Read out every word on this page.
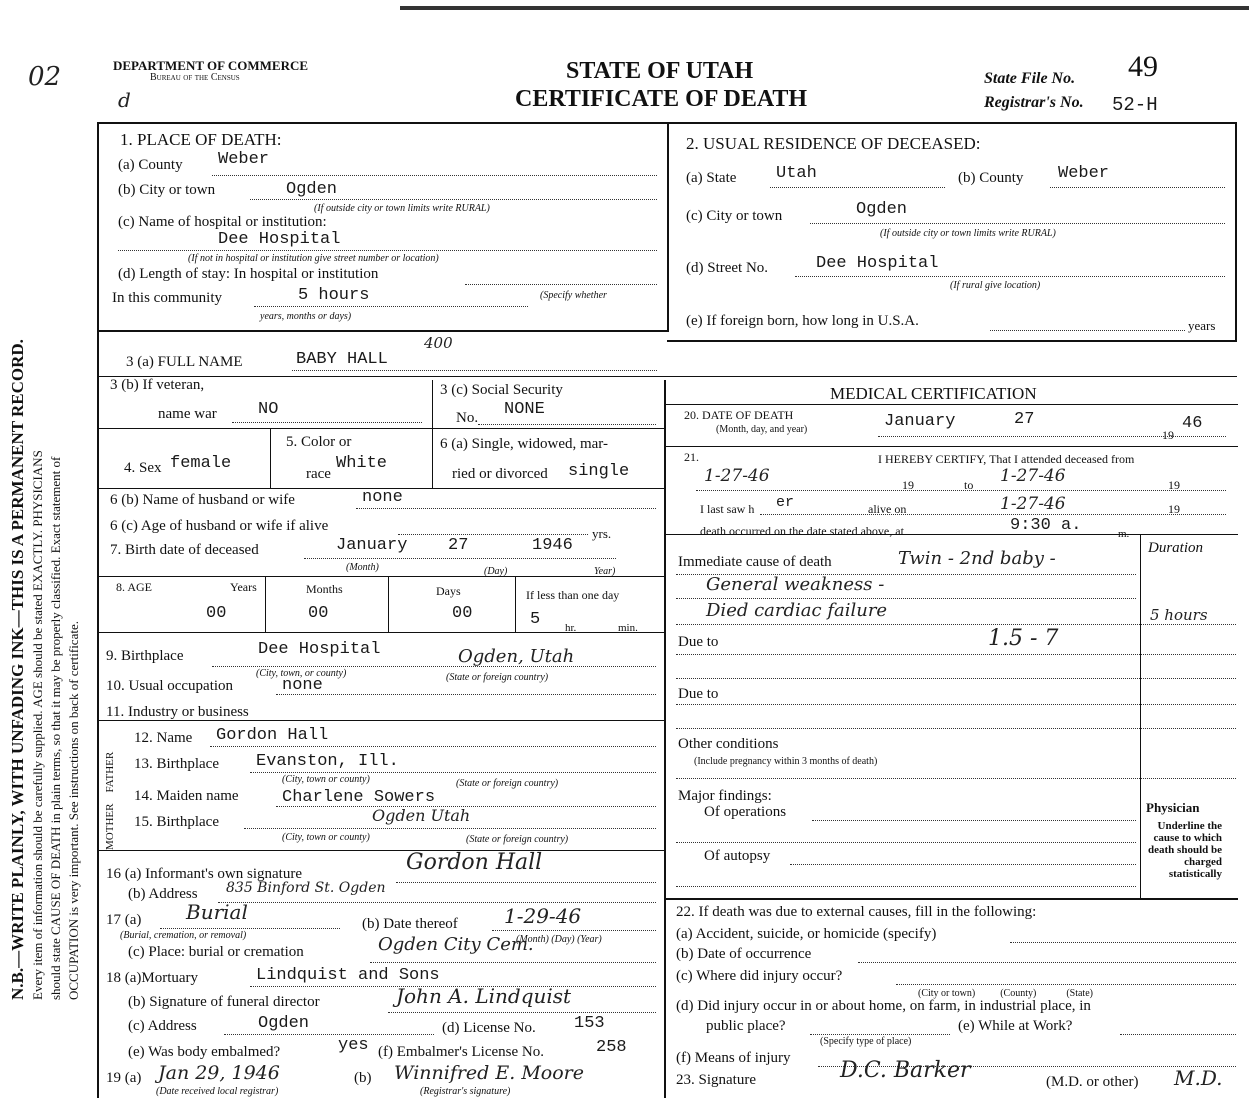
N.B.—WRITE PLAINLY, WITH UNFADING INK—THIS IS A PERMANENT RECORD. Every item of information should be carefully supplied. AGE should be stated EXACTLY. PHYSICIANS should state CAUSE OF DEATH in plain terms, so that it may be properly classified. Exact statement of OCCUPATION is very important. See instructions on back of certificate.
02
d
DEPARTMENT OF COMMERCE
Bureau of the Census	STATE OF UTAH
CERTIFICATE OF DEATH
State File No. 49
Registrar's No. 52-H
1. PLACE OF DEATH:
(a) County Weber
(b) City or town	Ogden
(If outside city or town limits write RURAL)
(c) Name of hospital or institution:
Dee Hospital
(If not in hospital or institution give street number or location)
(d) Length of stay: In hospital or institution
In this community	5 hours	(Specify whether
years, months or days)
2. USUAL RESIDENCE OF DECEASED:
(a) State Utah	(b) County Weber
(c) City or town	Ogden
(If outside city or town limits write RURAL)
(d) Street No.	Dee Hospital
(If rural give location)
(e) If foreign born, how long in U.S.A.	years
3 (a) FULL NAME	BABY HALL
400
3 (b) If veteran,
name war NO
3 (c) Social Security
No. NONE
4. Sex female
5. Color or
race
White
6 (a) Single, widowed, mar-
ried or divorced single
6 (b) Name of husband or wife	none
6 (c) Age of husband or wife if alive	yrs.
7. Birth date of deceased	January 27	1946
(Month)	(Day)	Year)
8. AGE	Years	Months	Days	If less than one day
00	00	00	5 hr.	min.
9. Birthplace	Dee Hospital	Ogden, Utah
(City, town, or county)	(State or foreign country)
10. Usual occupation	none
11. Industry or business
MOTHER    FATHER
12. Name Gordon Hall
13. Birthplace Evanston, Ill.
(City, town or county)	(State or foreign country)
14. Maiden name	Charlene Sowers
15. Birthplace	Ogden Utah
(City, town or county)	(State or foreign country)
16 (a) Informant's own signature	Gordon Hall
(b) Address 835 Binford St. Ogden
17 (a) Burial
(Burial, cremation, or removal)
(b) Date thereof 1-29-46
(Month) (Day) (Year)
(c) Place: burial or cremation	Ogden City Cem.
18 (a)Mortuary	Lindquist and Sons
(b) Signature of funeral director	John A. Lindquist
(c) Address	Ogden	(d) License No. 153
(e) Was body embalmed?	yes (f) Embalmer's License No.	258
19 (a) Jan 29, 1946
(Date received local registrar)
(b) Winnifred E. Moore
(Registrar's signature)
MEDICAL CERTIFICATION
20. DATE OF DEATH
(Month, day, and year)	January	27
19
46
21.	I HEREBY CERTIFY, That I attended deceased from
1-27-46	19	to 1-27-46	19
I last saw h er	alive on	1-27-46	19
death occurred on the date stated above, at	9:30 a.	m.
Duration
Immediate cause of death	Twin - 2nd baby -
General weakness -
Died cardiac failure	5 hours
Due to	1.5 - 7
Due to
Other conditions
(Include pregnancy within 3 months of death)
Major findings:
Of operations
Of autopsy
Physician
Underline the cause to which death should be charged statistically
22. If death was due to external causes, fill in the following:
(a) Accident, suicide, or homicide (specify)
(b) Date of occurrence
(c) Where did injury occur?
(City or town)          (County)            (State)
(d) Did injury occur in or about home, on farm, in industrial place, in
public place?
(Specify type of place)
(e) While at Work?
(f) Means of injury
23. Signature	D.C. Barker	(M.D. or other) M.D.
